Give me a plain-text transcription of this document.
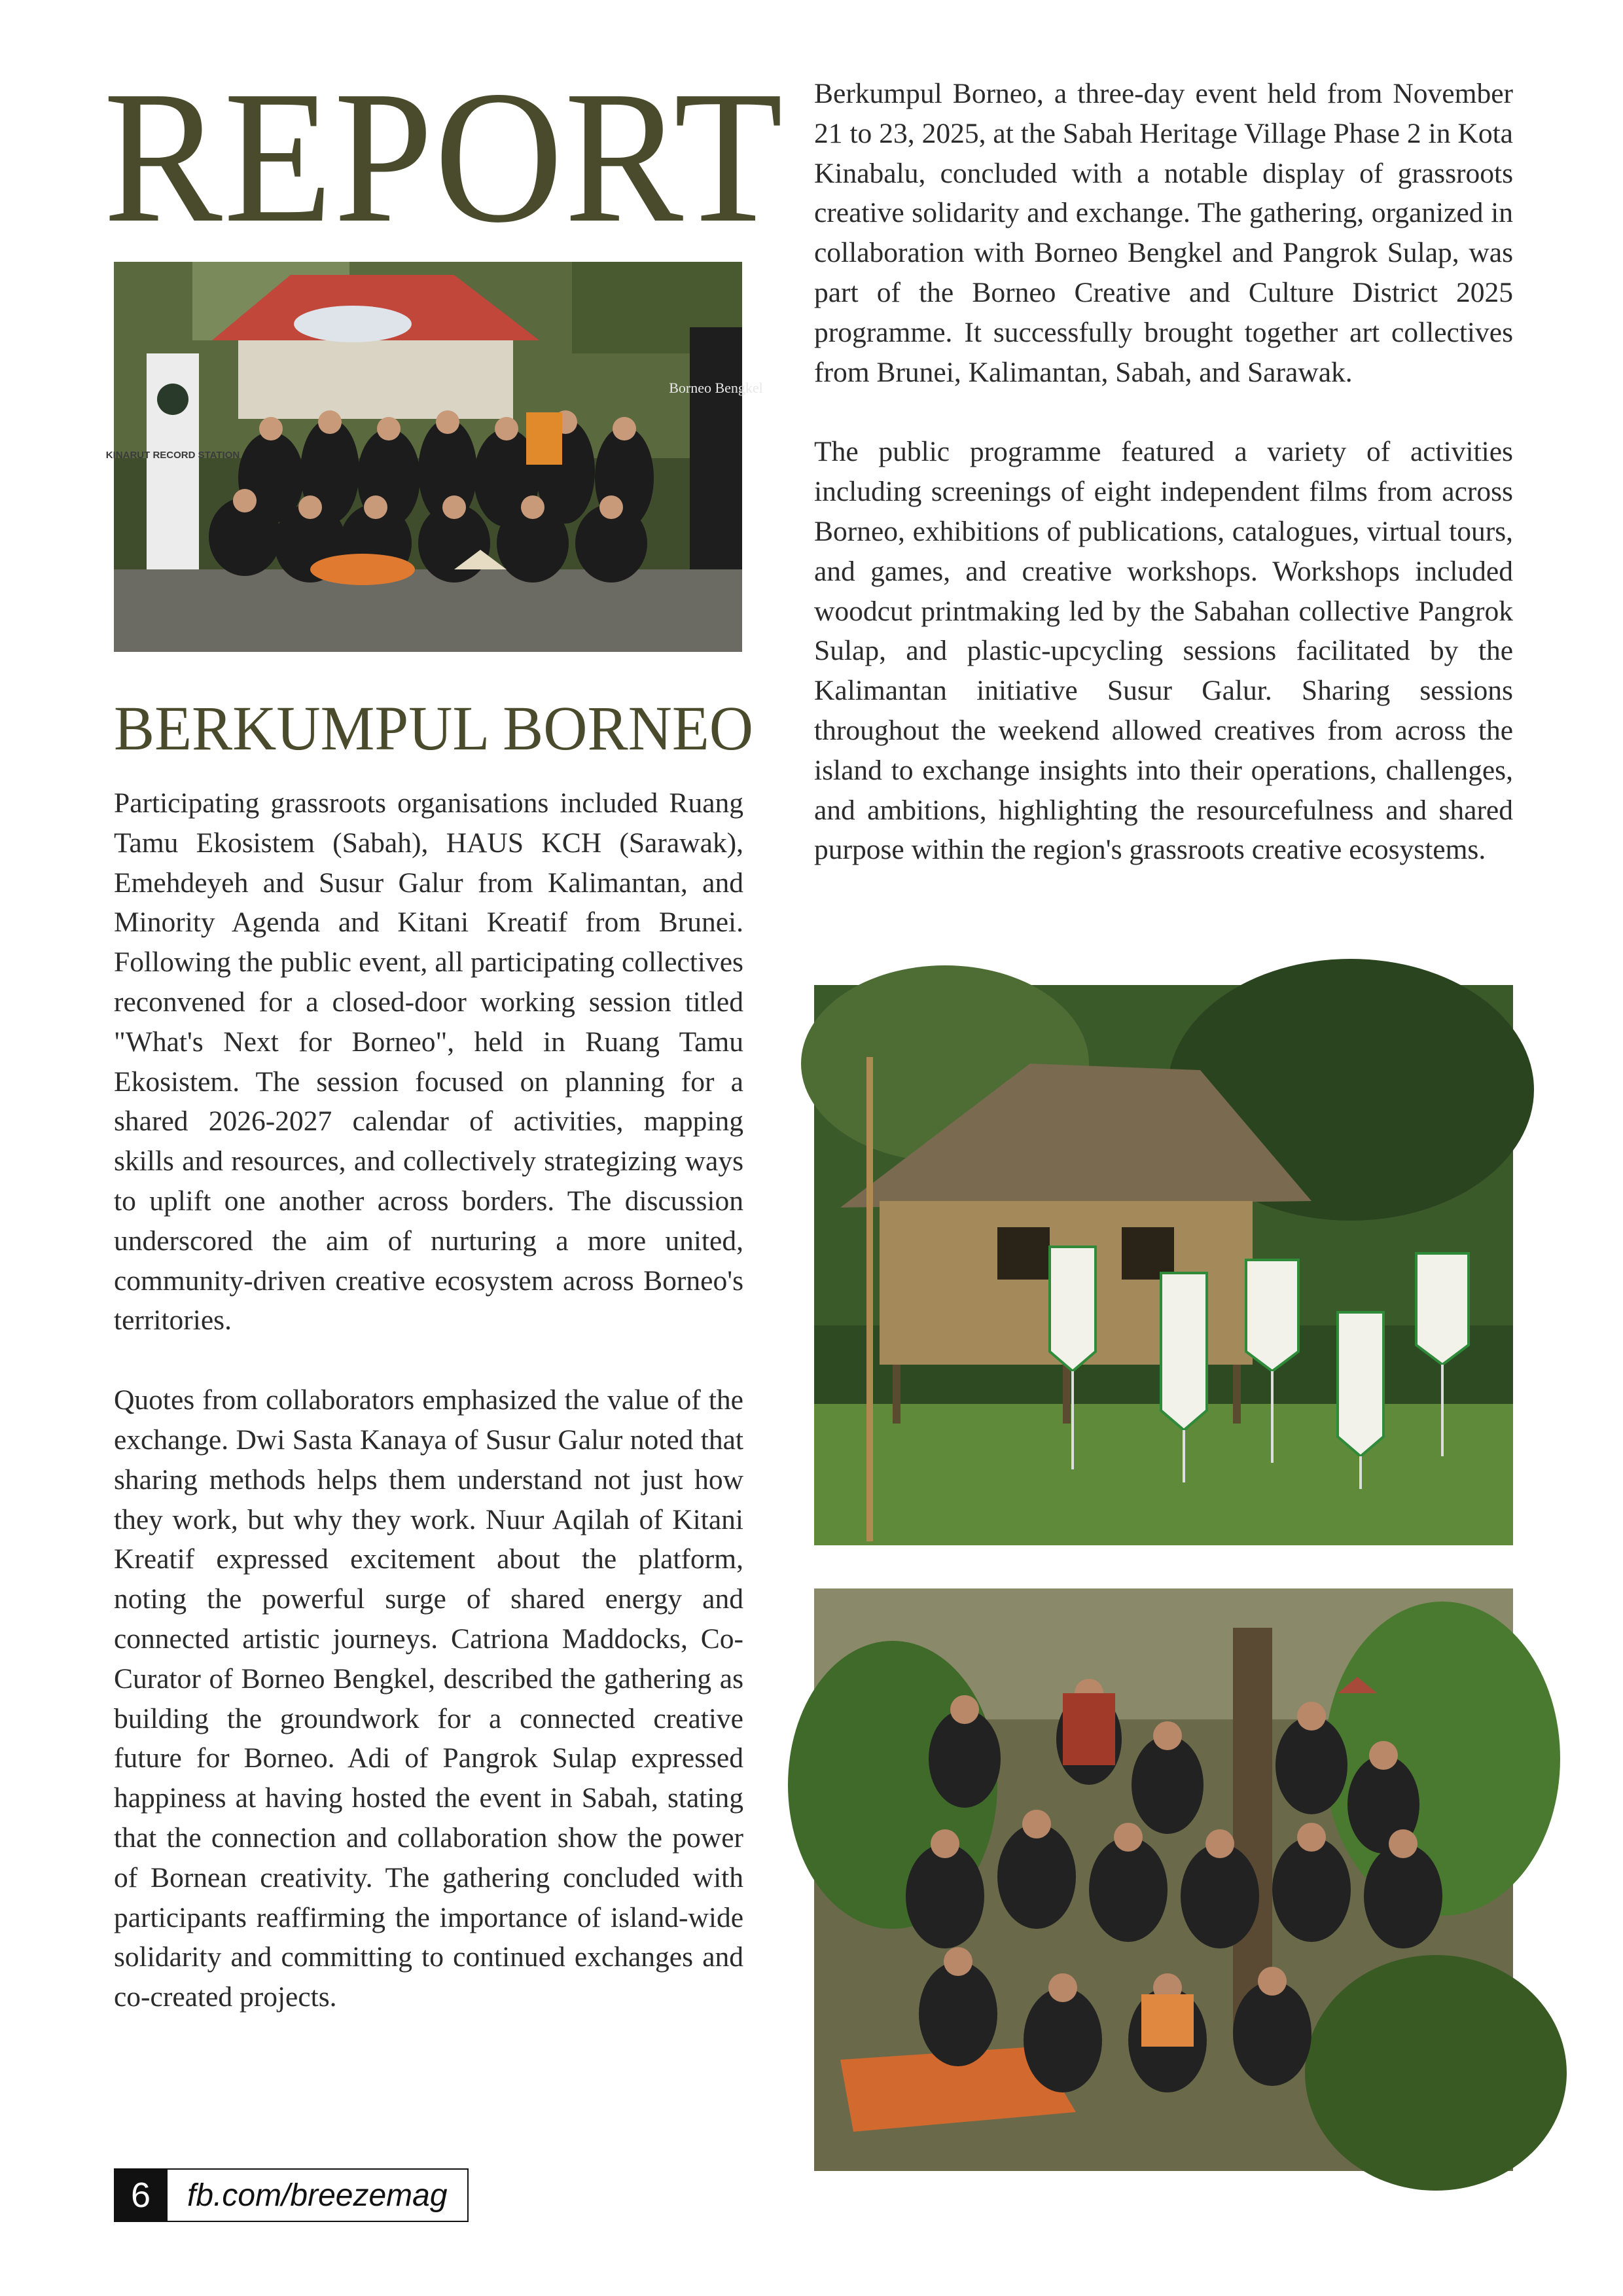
REPORT
KINARUT RECORD STATION
Borneo Bengkel
BERKUMPUL BORNEO

Participating grassroots organisations included Ruang Tamu Ekosistem (Sabah), HAUS KCH (Sarawak), Emehdeyeh and Susur Galur from Kalimantan, and Minority Agenda and Kitani Kreatif from Brunei. Following the public event, all participating collectives reconvened for a closed-door working session titled "What's Next for Borneo", held in Ruang Tamu Ekosistem. The session focused on planning for a shared 2026-2027 calendar of activities, mapping skills and resources, and collectively strategizing ways to uplift one another across borders. The discussion underscored the aim of nurturing a more united, community-driven creative ecosystem across Borneo's territories.

Quotes from collaborators emphasized the value of the exchange. Dwi Sasta Kanaya of Susur Galur noted that sharing methods helps them understand not just how they work, but why they work. Nuur Aqilah of Kitani Kreatif expressed excitement about the platform, noting the powerful surge of shared energy and connected artistic journeys. Catriona Maddocks, Co-Curator of Borneo Bengkel, described the gathering as building the groundwork for a connected creative future for Borneo. Adi of Pangrok Sulap expressed happiness at having hosted the event in Sabah, stating that the connection and collaboration show the power of Bornean creativity. The gathering concluded with participants reaffirming the importance of island-wide solidarity and committing to continued exchanges and co-created projects.

Berkumpul Borneo, a three-day event held from November 21 to 23, 2025, at the Sabah Heritage Village Phase 2 in Kota Kinabalu, concluded with a notable display of grassroots creative solidarity and exchange. The gathering, organized in collaboration with Borneo Bengkel and Pangrok Sulap, was part of the Borneo Creative and Culture District 2025 programme. It successfully brought together art collectives from Brunei, Kalimantan, Sabah, and Sarawak.

The public programme featured a variety of activities including screenings of eight independent films from across Borneo, exhibitions of publications, catalogues, virtual tours, and games, and creative workshops. Workshops included woodcut printmaking led by the Sabahan collective Pangrok Sulap, and plastic-upcycling sessions facilitated by the Kalimantan initiative Susur Galur. Sharing sessions throughout the weekend allowed creatives from across the island to exchange insights into their operations, challenges, and ambitions, highlighting the resourcefulness and shared purpose within the region's grassroots creative ecosystems.

6	fb.com/breezemag
